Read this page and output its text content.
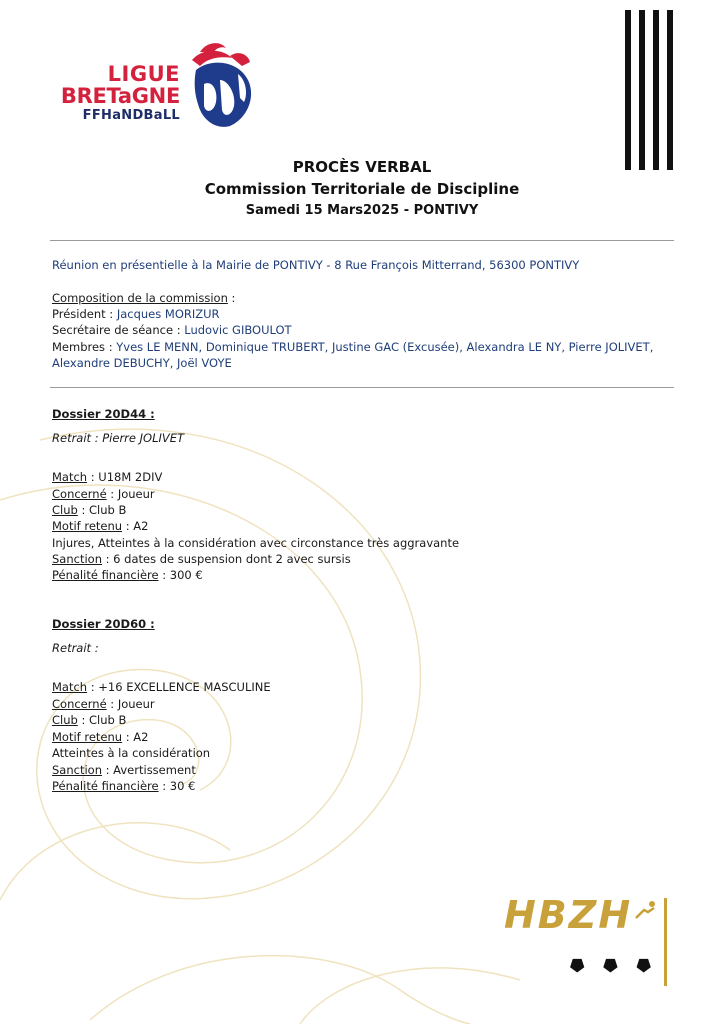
LIGUE
BRETaGNE
FFHaNDBaLL
PROCÈS VERBAL
Commission Territoriale de Discipline
Samedi 15 Mars2025 - PONTIVY
Réunion en présentielle à la Mairie de PONTIVY - 8 Rue François Mitterrand, 56300 PONTIVY
Composition de la commission :
Président : Jacques MORIZUR
Secrétaire de séance : Ludovic GIBOULOT
Membres : Yves LE MENN, Dominique TRUBERT, Justine GAC (Excusée), Alexandra LE NY, Pierre JOLIVET,
Alexandre DEBUCHY, Joël VOYE
Dossier 20D44 :
Retrait : Pierre JOLIVET
Match : U18M 2DIV
Concerné : Joueur
Club : Club B
Motif retenu : A2
Injures, Atteintes à la considération avec circonstance très aggravante
Sanction : 6 dates de suspension dont 2 avec sursis
Pénalité financière : 300 €
Dossier 20D60 :
Retrait :
Match : +16 EXCELLENCE MASCULINE
Concerné : Joueur
Club : Club B
Motif retenu : A2
Atteintes à la considération
Sanction : Avertissement
Pénalité financière : 30 €
HBZH
⯂ ⯂ ⯂
